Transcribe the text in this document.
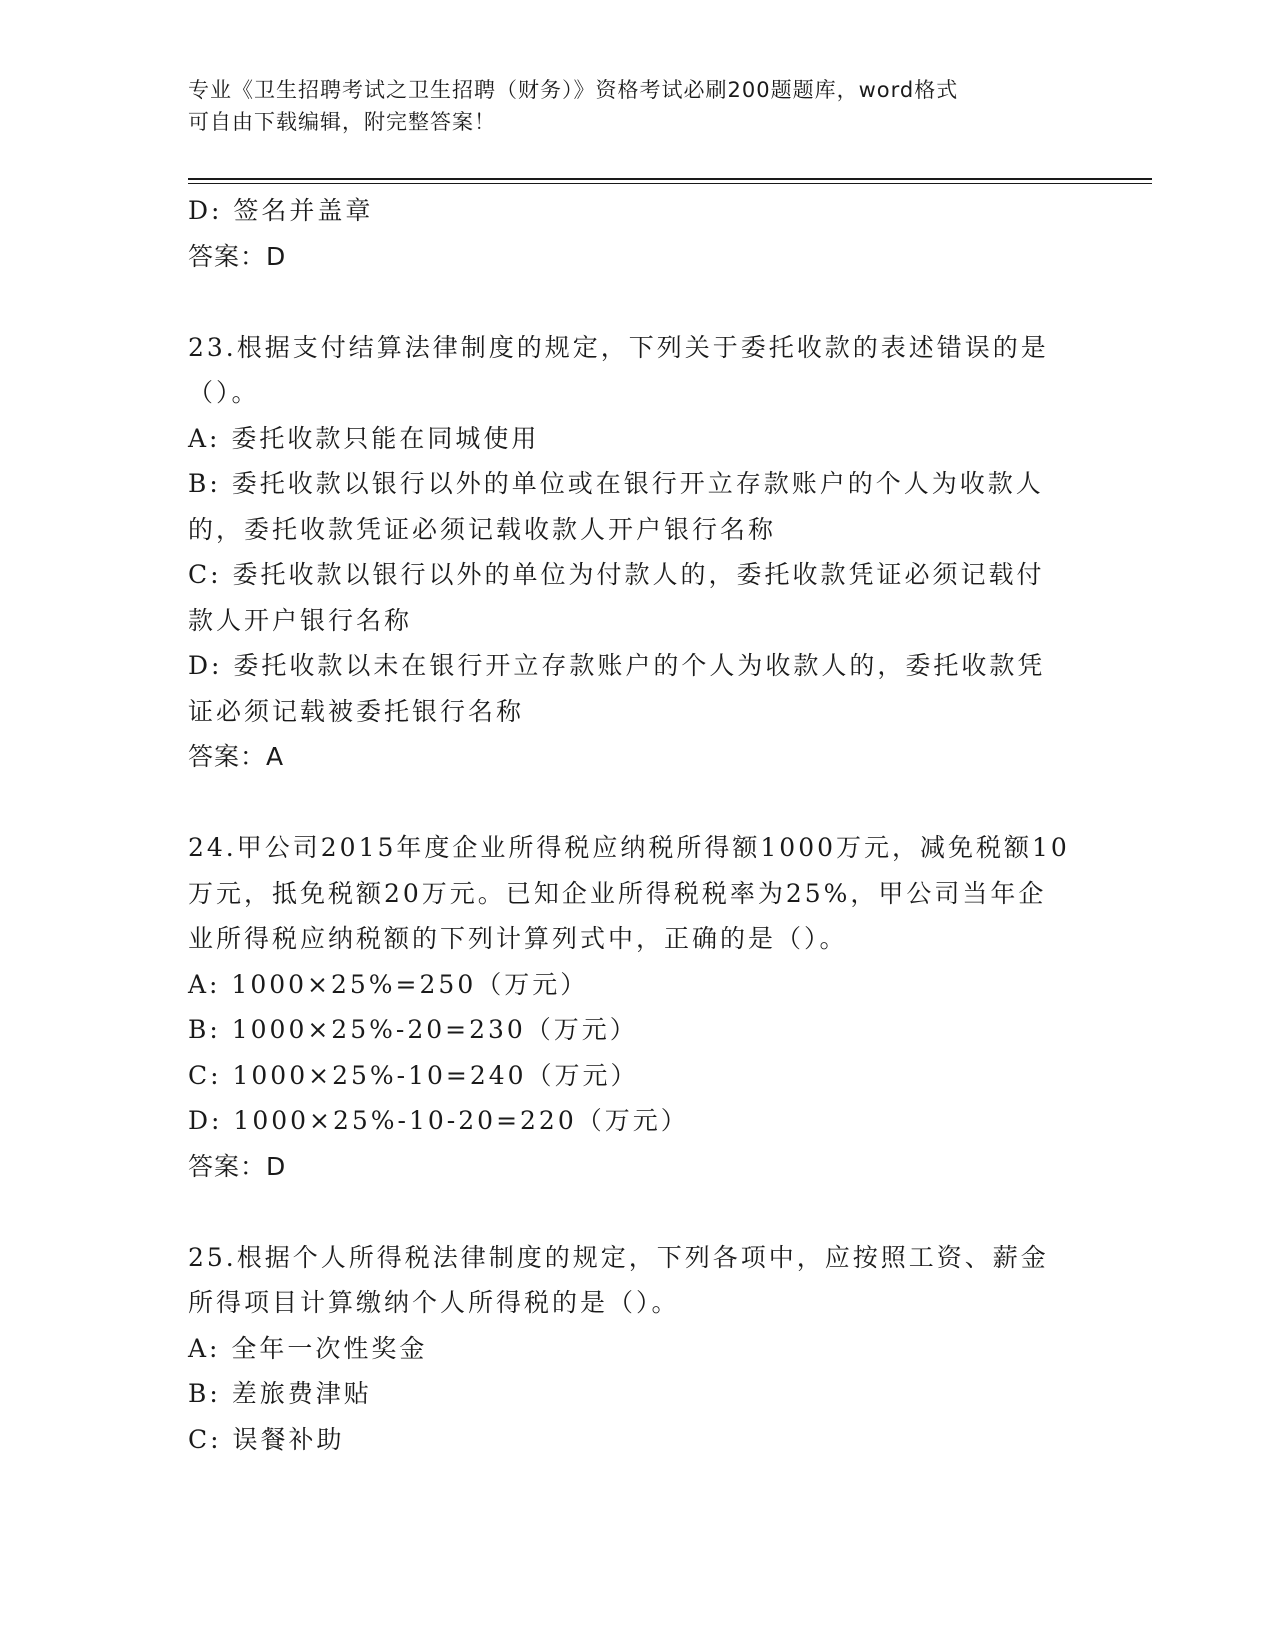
专业《卫生招聘考试之卫生招聘（财务）》资格考试必刷200题题库，word格式
可自由下载编辑，附完整答案！
D: 签名并盖章
答案：D
23.根据支付结算法律制度的规定，下列关于委托收款的表述错误的是
（）。
A: 委托收款只能在同城使用
B: 委托收款以银行以外的单位或在银行开立存款账户的个人为收款人
的，委托收款凭证必须记载收款人开户银行名称
C: 委托收款以银行以外的单位为付款人的，委托收款凭证必须记载付
款人开户银行名称
D: 委托收款以未在银行开立存款账户的个人为收款人的，委托收款凭
证必须记载被委托银行名称
答案：A
24.甲公司2015年度企业所得税应纳税所得额1000万元，减免税额10
万元，抵免税额20万元。已知企业所得税税率为25%，甲公司当年企
业所得税应纳税额的下列计算列式中，正确的是（）。
A: 1000×25%=250（万元）
B: 1000×25%-20=230（万元）
C: 1000×25%-10=240（万元）
D: 1000×25%-10-20=220（万元）
答案：D
25.根据个人所得税法律制度的规定，下列各项中，应按照工资、薪金
所得项目计算缴纳个人所得税的是（）。
A: 全年一次性奖金
B: 差旅费津贴
C: 误餐补助
